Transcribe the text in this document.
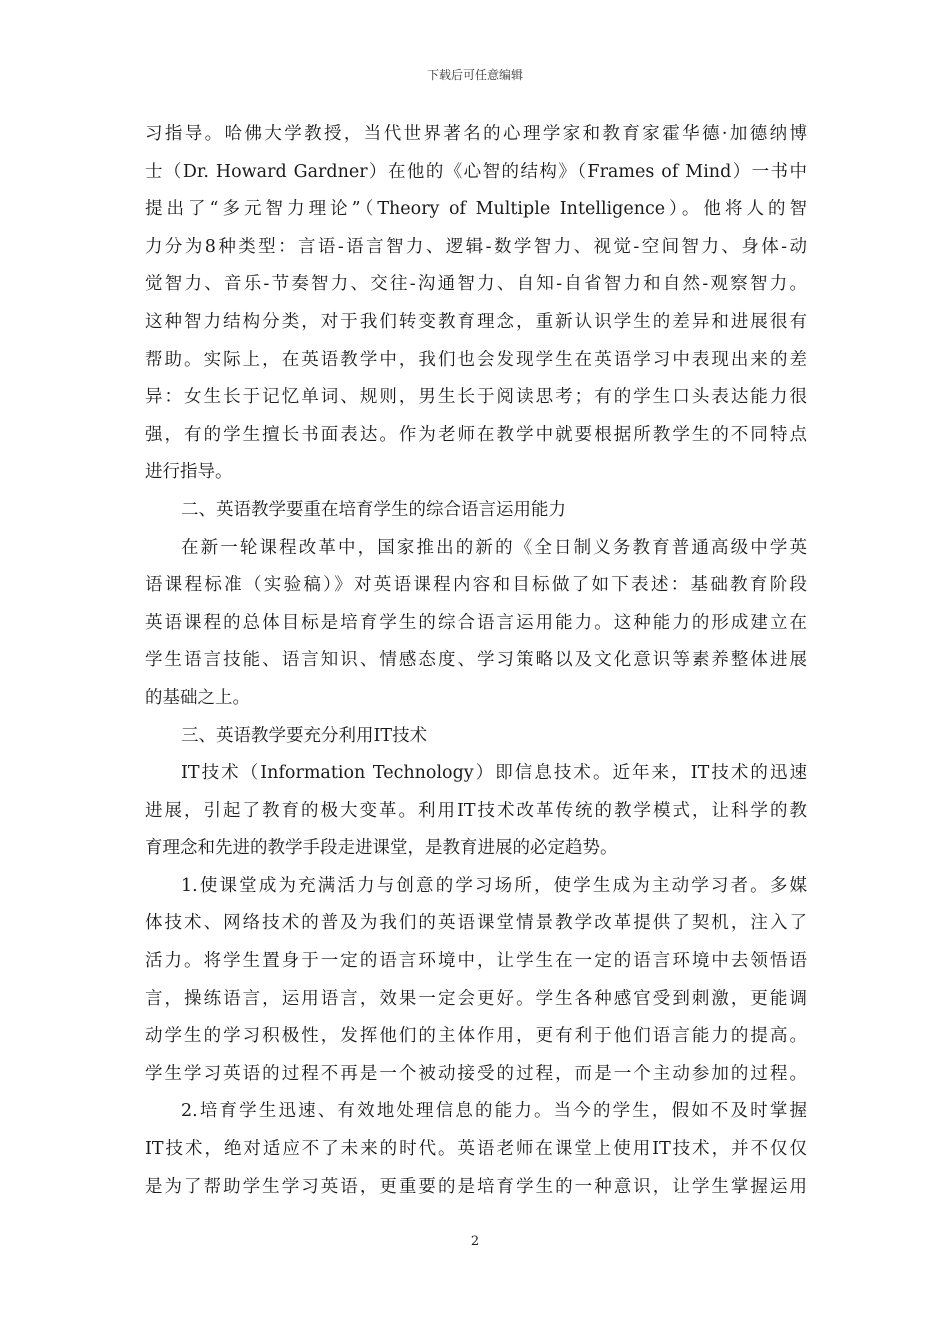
下载后可任意编辑
习指导。哈佛大学教授，当代世界著名的心理学家和教育家霍华德·加德纳博
士（Dr. Howard Gardner）在他的《心智的结构》（Frames of Mind）一书中
提出了“多元智力理论”（Theory of Multiple Intelligence）。他将人的智
力分为8种类型：言语-语言智力、逻辑-数学智力、视觉-空间智力、身体-动
觉智力、音乐-节奏智力、交往-沟通智力、自知-自省智力和自然-观察智力。
这种智力结构分类，对于我们转变教育理念，重新认识学生的差异和进展很有
帮助。实际上，在英语教学中，我们也会发现学生在英语学习中表现出来的差
异：女生长于记忆单词、规则，男生长于阅读思考；有的学生口头表达能力很
强，有的学生擅长书面表达。作为老师在教学中就要根据所教学生的不同特点
进行指导。
二、英语教学要重在培育学生的综合语言运用能力
在新一轮课程改革中，国家推出的新的《全日制义务教育普通高级中学英
语课程标准（实验稿）》对英语课程内容和目标做了如下表述：基础教育阶段
英语课程的总体目标是培育学生的综合语言运用能力。这种能力的形成建立在
学生语言技能、语言知识、情感态度、学习策略以及文化意识等素养整体进展
的基础之上。
三、英语教学要充分利用IT技术
IT技术（Information Technology）即信息技术。近年来，IT技术的迅速
进展，引起了教育的极大变革。利用IT技术改革传统的教学模式，让科学的教
育理念和先进的教学手段走进课堂，是教育进展的必定趋势。
1.使课堂成为充满活力与创意的学习场所，使学生成为主动学习者。多媒
体技术、网络技术的普及为我们的英语课堂情景教学改革提供了契机，注入了
活力。将学生置身于一定的语言环境中，让学生在一定的语言环境中去领悟语
言，操练语言，运用语言，效果一定会更好。学生各种感官受到刺激，更能调
动学生的学习积极性，发挥他们的主体作用，更有利于他们语言能力的提高。
学生学习英语的过程不再是一个被动接受的过程，而是一个主动参加的过程。
2.培育学生迅速、有效地处理信息的能力。当今的学生，假如不及时掌握
IT技术，绝对适应不了未来的时代。英语老师在课堂上使用IT技术，并不仅仅
是为了帮助学生学习英语，更重要的是培育学生的一种意识，让学生掌握运用
2
